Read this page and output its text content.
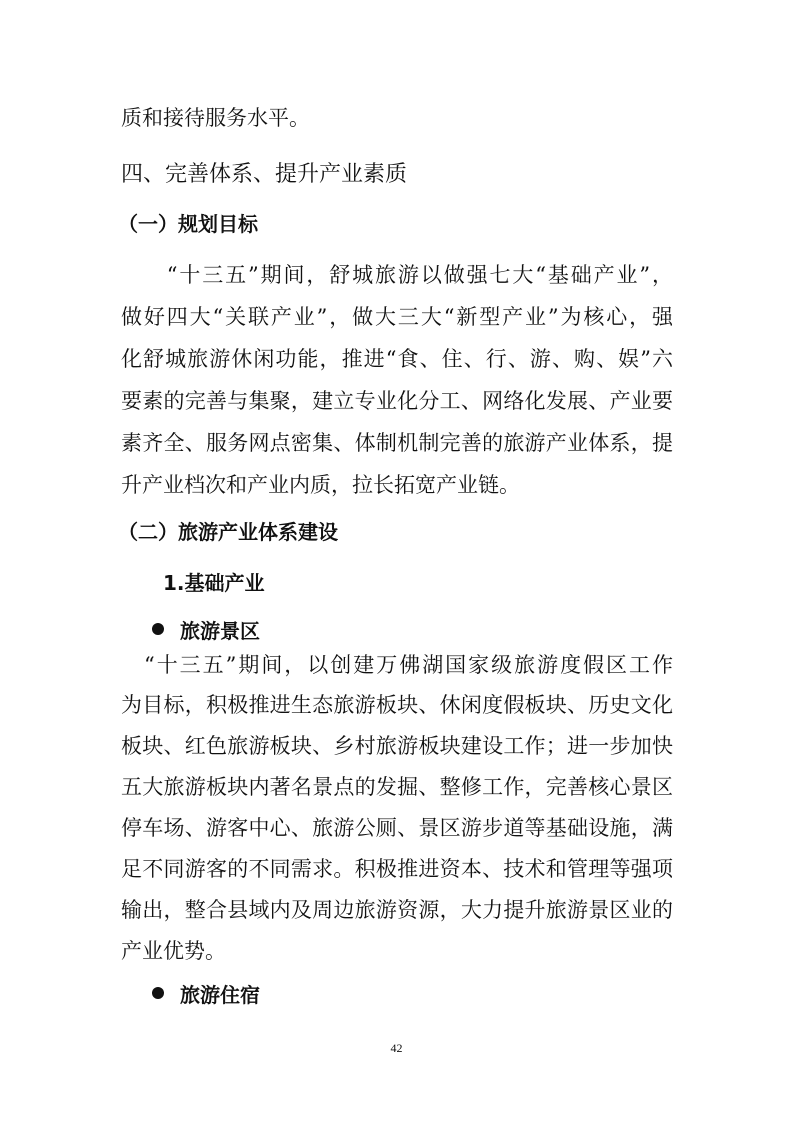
质和接待服务水平。

四、完善体系、提升产业素质
（一）规划目标

　　“十三五”期间，舒城旅游以做强七大“基础产业”，

做好四大“关联产业”，做大三大“新型产业”为核心，强

化舒城旅游休闲功能，推进“食、住、行、游、购、娱”六

要素的完善与集聚，建立专业化分工、网络化发展、产业要

素齐全、服务网点密集、体制机制完善的旅游产业体系，提

升产业档次和产业内质，拉长拓宽产业链。

（二）旅游产业体系建设
1.基础产业
旅游景区

　“十三五”期间，以创建万佛湖国家级旅游度假区工作

为目标，积极推进生态旅游板块、休闲度假板块、历史文化

板块、红色旅游板块、乡村旅游板块建设工作；进一步加快

五大旅游板块内著名景点的发掘、整修工作，完善核心景区

停车场、游客中心、旅游公厕、景区游步道等基础设施，满

足不同游客的不同需求。积极推进资本、技术和管理等强项

输出，整合县域内及周边旅游资源，大力提升旅游景区业的

产业优势。

旅游住宿
42
